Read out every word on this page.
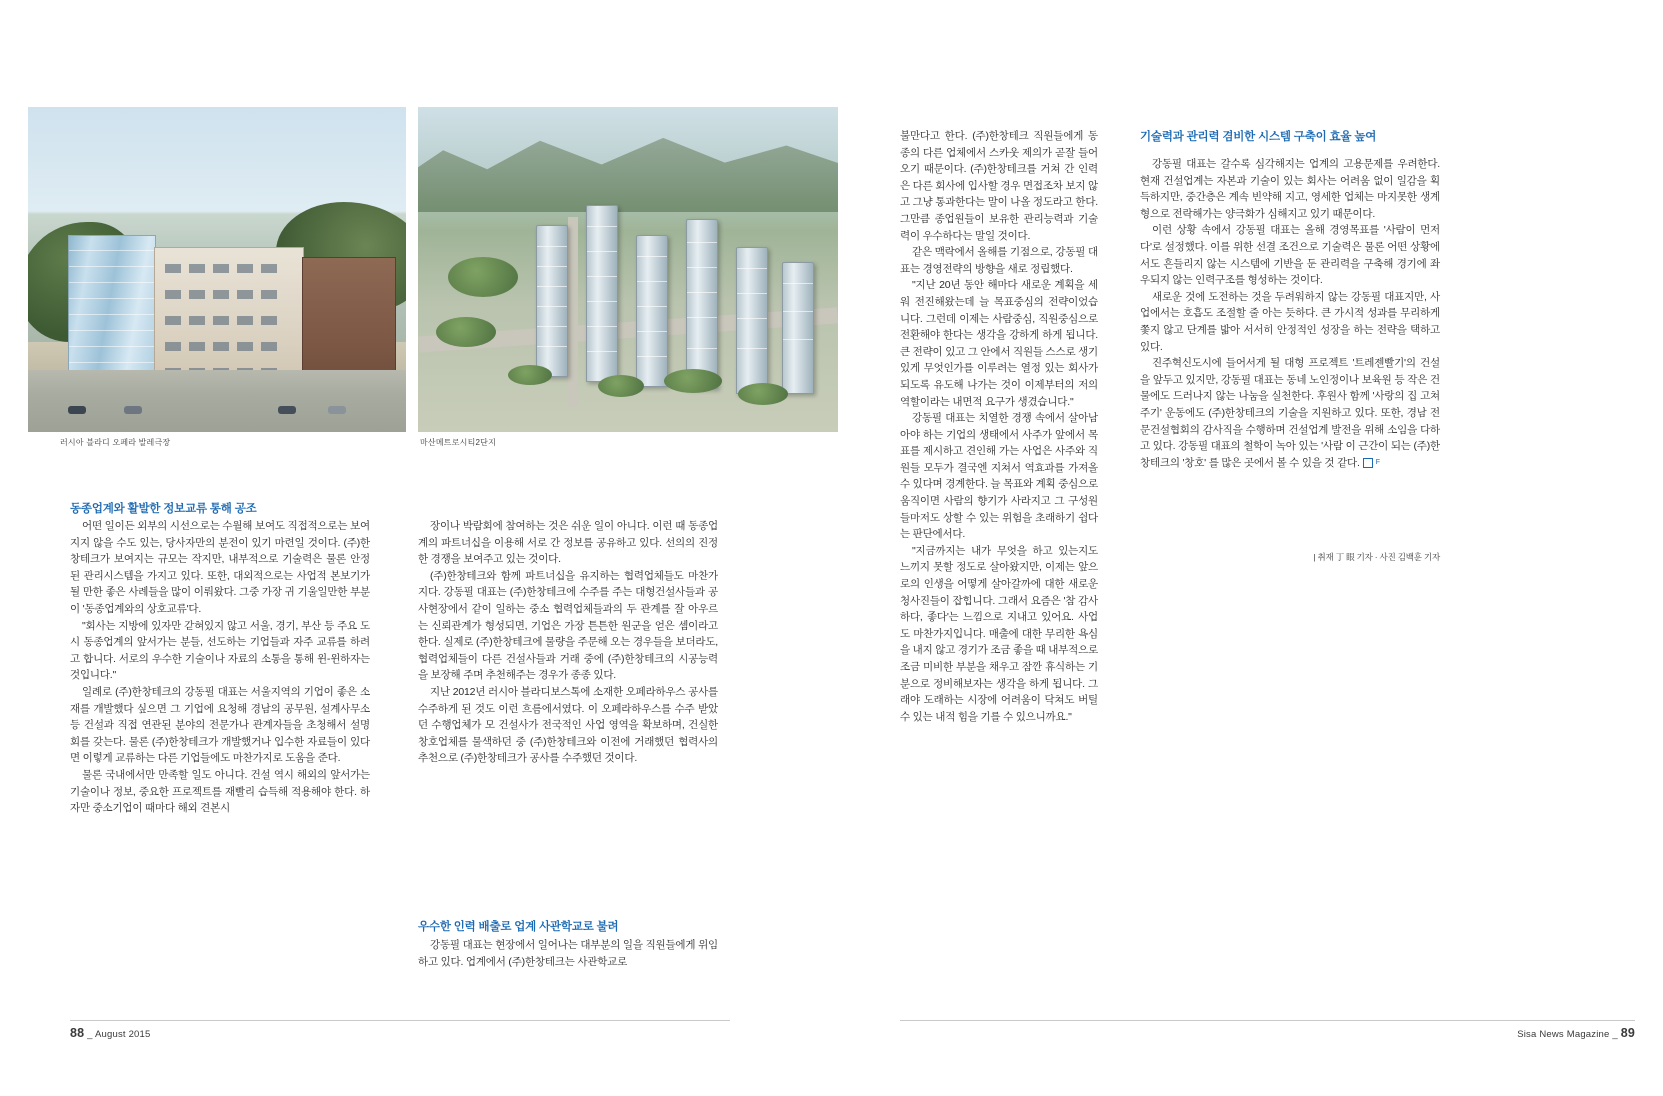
러시아 블라디 오페라 발레극장	마산메트로시티2단지
동종업계와 활발한 정보교류 통해 공조

어떤 일이든 외부의 시선으로는 수월해 보여도 직접적으로는 보여지지 않을 수도 있는, 당사자만의 분전이 있기 마련일 것이다. (주)한창테크가 보여지는 규모는 작지만, 내부적으로 기술력은 물론 안정된 관리시스템을 가지고 있다. 또한, 대외적으로는 사업적 본보기가 될 만한 좋은 사례들을 많이 이뤄왔다. 그중 가장 귀 기울일만한 부분이 '동종업계와의 상호교류'다.

"회사는 지방에 있자만 갇혀있지 않고 서울, 경기, 부산 등 주요 도시 동종업계의 앞서가는 분들, 선도하는 기업들과 자주 교류를 하려고 합니다. 서로의 우수한 기술이나 자료의 소통을 통해 윈-윈하자는 것입니다."

일례로 (주)한창테크의 강동필 대표는 서울지역의 기업이 좋은 소재를 개발했다 싶으면 그 기업에 요청해 경남의 공무원, 설계사무소 등 건설과 직접 연관된 분야의 전문가나 관계자들을 초청해서 설명회를 갖는다. 물론 (주)한창테크가 개발했거나 입수한 자료들이 있다면 이렇게 교류하는 다른 기업들에도 마찬가지로 도움을 준다.

물론 국내에서만 만족할 일도 아니다. 건설 역시 해외의 앞서가는 기술이나 정보, 중요한 프로젝트를 재빨리 습득해 적용해야 한다. 하자만 중소기업이 때마다 해외 견본시

장이나 박람회에 참여하는 것은 쉬운 일이 아니다. 이런 때 동종업계의 파트너십을 이용해 서로 간 정보를 공유하고 있다. 선의의 진정한 경쟁을 보여주고 있는 것이다.

(주)한창테크와 함께 파트너십을 유지하는 협력업체들도 마찬가지다. 강동필 대표는 (주)한창테크에 수주를 주는 대형건설사들과 공사현장에서 같이 일하는 중소 협력업체들과의 두 관계를 잘 아우르는 신뢰관계가 형성되면, 기업은 가장 튼튼한 원군을 얻은 셈이라고 한다. 실제로 (주)한창테크에 물량을 주문해 오는 경우들을 보더라도, 협력업체들이 다른 건설사들과 거래 중에 (주)한창테크의 시공능력을 보장해 주며 추천해주는 경우가 종종 있다.

지난 2012년 러시아 블라디보스톡에 소재한 오페라하우스 공사를 수주하게 된 것도 이런 흐름에서였다. 이 오페라하우스를 수주 받았던 수행업체가 모 건설사가 전국적인 사업 영역을 확보하며, 건실한 창호업체를 물색하던 중 (주)한창테크와 이전에 거래했던 협력사의 추천으로 (주)한창테크가 공사를 수주했던 것이다.

우수한 인력 배출로 업계 사관학교로 불려

강동필 대표는 현장에서 일어나는 대부분의 일을 직원들에게 위임하고 있다. 업계에서 (주)한창테크는 사관학교로

88 _ August 2015

불만다고 한다. (주)한창테크 직원들에게 동종의 다른 업체에서 스카웃 제의가 곧잘 들어오기 때문이다. (주)한창테크를 거쳐 간 인력은 다른 회사에 입사할 경우 면접조차 보지 않고 그냥 통과한다는 말이 나올 정도라고 한다. 그만큼 종업원들이 보유한 관리능력과 기술력이 우수하다는 말일 것이다.

같은 맥락에서 올해를 기점으로, 강동필 대표는 경영전략의 방향을 새로 정립했다.

"지난 20년 동안 해마다 새로운 계획을 세워 전진해왔는데 늘 목표중심의 전략이었습니다. 그런데 이제는 사람중심, 직원중심으로 전환해야 한다는 생각을 강하게 하게 됩니다. 큰 전략이 있고 그 안에서 직원들 스스로 생기 있게 무엇인가를 이루려는 열정 있는 회사가 되도록 유도해 나가는 것이 이제부터의 저의 역할이라는 내면적 요구가 생겼습니다."

강동필 대표는 치열한 경쟁 속에서 살아남아야 하는 기업의 생태에서 사주가 앞에서 목표를 제시하고 견인해 가는 사업은 사주와 직원들 모두가 결국엔 지쳐서 역효과를 가져올 수 있다며 경계한다. 늘 목표와 계획 중심으로 움직이면 사람의 향기가 사라지고 그 구성원들마저도 상할 수 있는 위험을 초래하기 쉽다는 판단에서다.

"지금까지는 내가 무엇을 하고 있는지도 느끼지 못할 정도로 살아왔지만, 이제는 앞으로의 인생을 어떻게 살아갈까에 대한 새로운 청사진들이 잡힙니다. 그래서 요즘은 '참 감사하다, 좋다'는 느낌으로 지내고 있어요. 사업도 마찬가지입니다. 매출에 대한 무리한 욕심을 내지 않고 경기가 조금 좋을 때 내부적으로 조금 미비한 부분을 채우고 잠깐 휴식하는 기분으로 정비해보자는 생각을 하게 됩니다. 그래야 도래하는 시장에 어려움이 닥쳐도 버틸 수 있는 내적 힘을 기를 수 있으니까요."

기술력과 관리력 겸비한 시스템 구축이 효율 높여

강동필 대표는 갈수록 심각해지는 업계의 고용문제를 우려한다. 현재 건설업계는 자본과 기술이 있는 회사는 어려움 없이 일감을 획득하지만, 중간층은 계속 빈약해 지고, 영세한 업체는 마지못한 생계형으로 전락해가는 양극화가 심해지고 있기 때문이다.

이런 상황 속에서 강동필 대표는 올해 경영목표를 '사람이 먼저다'로 설정했다. 이를 위한 선결 조건으로 기술력은 물론 어떤 상황에서도 흔들리지 않는 시스템에 기반을 둔 관리력을 구축해 경기에 좌우되지 않는 인력구조를 형성하는 것이다.

새로운 것에 도전하는 것을 두려워하지 않는 강동필 대표지만, 사업에서는 호흡도 조절할 줄 아는 듯하다. 큰 가시적 성과를 무리하게 쫓지 않고 단계를 밟아 서서히 안정적인 성장을 하는 전략을 택하고 있다.

진주혁신도시에 들어서게 될 대형 프로젝트 '트레젠빨기'의 건설을 앞두고 있지만, 강동필 대표는 동네 노인정이나 보육원 등 작은 건물에도 드러나지 않는 나눔을 실천한다. 후원사 함께 '사랑의 집 고쳐주기' 운동에도 (주)한창테크의 기술을 지원하고 있다. 또한, 경남 전문건설협회의 감사직을 수행하며 건설업계 발전을 위해 소임을 다하고 있다. 강동필 대표의 철학이 녹아 있는 '사람 이 근간이 되는 (주)한창테크의 '창호' 를 많은 곳에서 볼 수 있을 것 같다. F

| 취재 丁 眼 기자 · 사진 김백훈 기자
Sisa News Magazine _ 89
